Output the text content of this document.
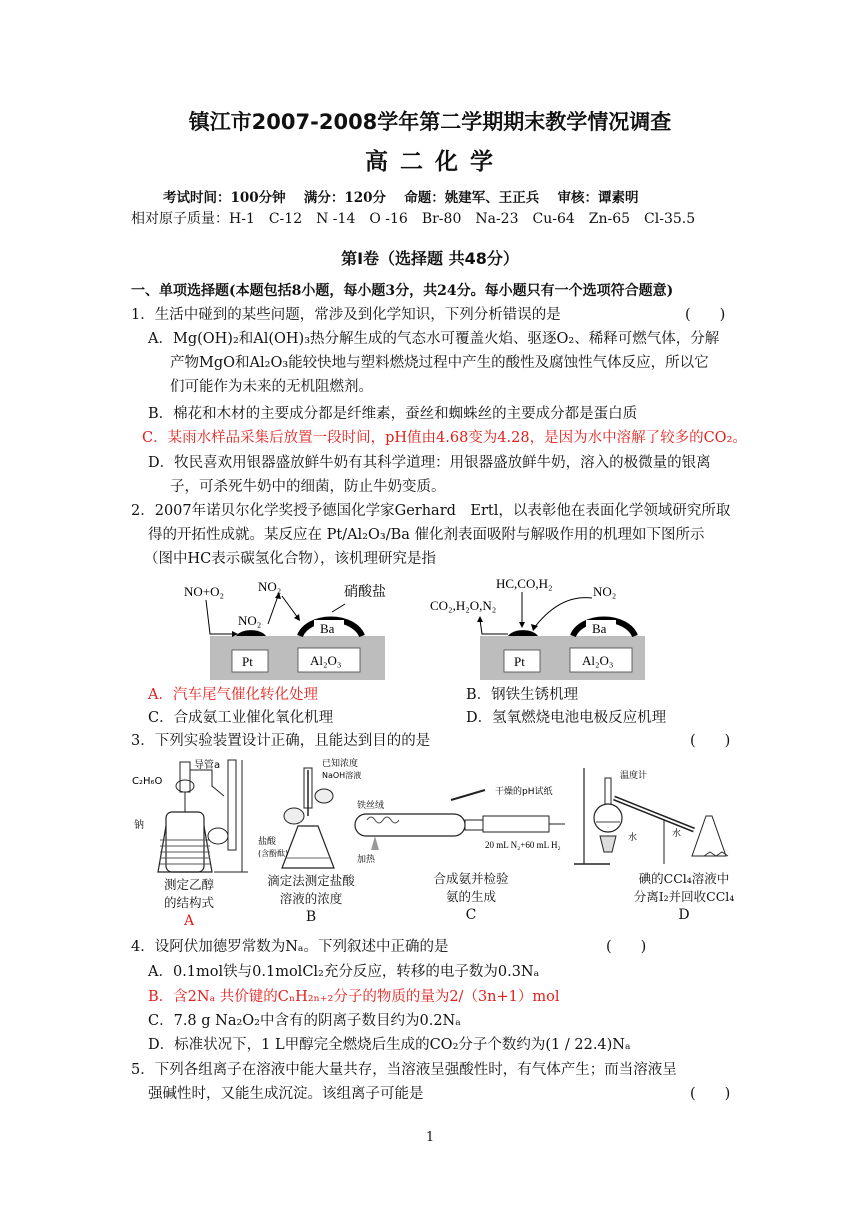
镇江市2007-2008学年第二学期期末教学情况调查
高 二 化 学
考试时间：100分钟　 满分：120分　 命题：姚建军、王正兵　 审核：谭素明
相对原子质量：H-1　C-12　N -14　O -16　Br-80　Na-23　Cu-64　Zn-65　Cl-35.5
第Ⅰ卷（选择题 共48分）
一、单项选择题(本题包括8小题，每小题3分，共24分。每小题只有一个选项符合题意)
1．生活中碰到的某些问题，常涉及到化学知识，下列分析错误的是	(　　)
A．Mg(OH)₂和Al(OH)₃热分解生成的气态水可覆盖火焰、驱逐O₂、稀释可燃气体，分解
产物MgO和Al₂O₃能较快地与塑料燃烧过程中产生的酸性及腐蚀性气体反应，所以它
们可能作为未来的无机阻燃剂。
B．棉花和木材的主要成分都是纤维素，蚕丝和蜘蛛丝的主要成分都是蛋白质
C．某雨水样品采集后放置一段时间，pH值由4.68变为4.28，是因为水中溶解了较多的CO₂。
D．牧民喜欢用银器盛放鲜牛奶有其科学道理：用银器盛放鲜牛奶，溶入的极微量的银离
子，可杀死牛奶中的细菌，防止牛奶变质。
2．2007年诺贝尔化学奖授予德国化学家Gerhard　Ertl，以表彰他在表面化学领域研究所取
得的开拓性成就。某反应在 Pt/Al₂O₃/Ba 催化剂表面吸附与解吸作用的机理如下图所示
（图中HC表示碳氢化合物），该机理研究是指
NO+O₂	NO₂
NO₂
硝酸盐
Ba
Pt	Al₂O₃
HC,CO,H₂
CO₂,H₂O,N₂
NO₂
Ba
Pt	Al₂O₃
A．汽车尾气催化转化处理	B．钢铁生锈机理
C．合成氨工业催化氧化机理	D．氢氧燃烧电池电极反应机理
3．下列实验装置设计正确，且能达到目的的是	(　　)
C₂H₆O
导管a
钠
已知浓度
NaOH溶液
盐酸
(含酚酞)
铁丝绒
加热
干燥的pH试纸
20 mL N₂+60 mL H₂
温度计
水	水
测定乙醇
的结构式
A
滴定法测定盐酸
溶液的浓度
B
合成氨并检验
氨的生成
C
碘的CCl₄溶液中
分离I₂并回收CCl₄
D
4．设阿伏加德罗常数为Nₐ。下列叙述中正确的是	(　　)
A．0.1mol铁与0.1molCl₂充分反应，转移的电子数为0.3Nₐ
B．含2Nₐ 共价键的CₙH₂ₙ₊₂分子的物质的量为2/（3n+1）mol
C．7.8 g Na₂O₂中含有的阴离子数目约为0.2Nₐ
D．标准状况下，1 L甲醇完全燃烧后生成的CO₂分子个数约为(1 / 22.4)Nₐ
5．下列各组离子在溶液中能大量共存，当溶液呈强酸性时，有气体产生；而当溶液呈
强碱性时，又能生成沉淀。该组离子可能是	(　　)
1
